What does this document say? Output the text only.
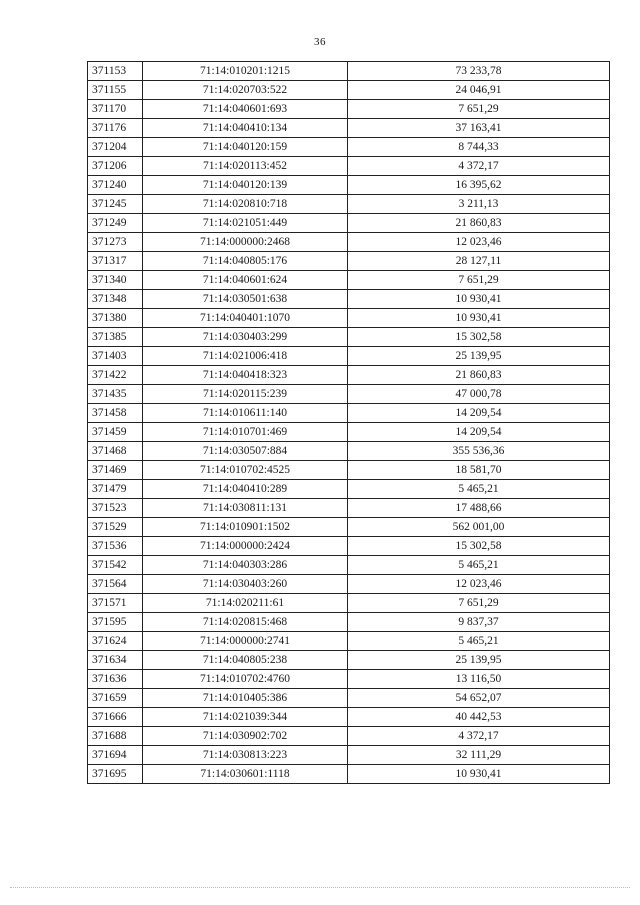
36
371153	71:14:010201:1215	73 233,78
371155	71:14:020703:522	24 046,91
371170	71:14:040601:693	7 651,29
371176	71:14:040410:134	37 163,41
371204	71:14:040120:159	8 744,33
371206	71:14:020113:452	4 372,17
371240	71:14:040120:139	16 395,62
371245	71:14:020810:718	3 211,13
371249	71:14:021051:449	21 860,83
371273	71:14:000000:2468	12 023,46
371317	71:14:040805:176	28 127,11
371340	71:14:040601:624	7 651,29
371348	71:14:030501:638	10 930,41
371380	71:14:040401:1070	10 930,41
371385	71:14:030403:299	15 302,58
371403	71:14:021006:418	25 139,95
371422	71:14:040418:323	21 860,83
371435	71:14:020115:239	47 000,78
371458	71:14:010611:140	14 209,54
371459	71:14:010701:469	14 209,54
371468	71:14:030507:884	355 536,36
371469	71:14:010702:4525	18 581,70
371479	71:14:040410:289	5 465,21
371523	71:14:030811:131	17 488,66
371529	71:14:010901:1502	562 001,00
371536	71:14:000000:2424	15 302,58
371542	71:14:040303:286	5 465,21
371564	71:14:030403:260	12 023,46
371571	71:14:020211:61	7 651,29
371595	71:14:020815:468	9 837,37
371624	71:14:000000:2741	5 465,21
371634	71:14:040805:238	25 139,95
371636	71:14:010702:4760	13 116,50
371659	71:14:010405:386	54 652,07
371666	71:14:021039:344	40 442,53
371688	71:14:030902:702	4 372,17
371694	71:14:030813:223	32 111,29
371695	71:14:030601:1118	10 930,41
